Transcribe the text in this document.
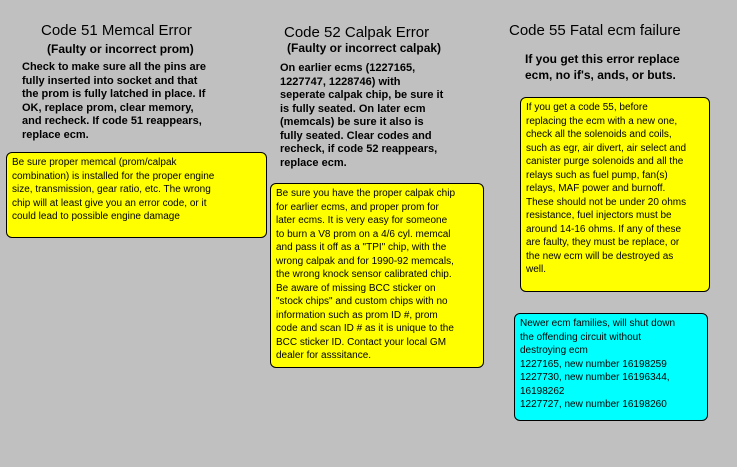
Code 51 Memcal Error
(Faulty or incorrect prom)
Check to make sure all the pins are
fully inserted into socket and that
the prom is fully latched in place. If
OK, replace prom, clear memory,
and recheck. If code 51 reappears,
replace ecm.
Be sure proper memcal (prom/calpak
combination) is installed for the proper engine
size, transmission, gear ratio, etc. The wrong
chip will at least give you an error code, or it
could lead to possible engine damage
Code 52 Calpak Error
(Faulty or incorrect calpak)
On earlier ecms (1227165,
1227747, 1228746) with
seperate calpak chip, be sure it
is fully seated. On later ecm
(memcals) be sure it also is
fully seated. Clear codes and
recheck, if code 52 reappears,
replace ecm.
Be sure you have the proper calpak chip
for earlier ecms, and proper prom for
later ecms. It is very easy for someone
to burn a V8 prom on a 4/6 cyl. memcal
and pass it off as a "TPI" chip, with the
wrong calpak and for 1990-92 memcals,
the wrong knock sensor calibrated chip.
Be aware of missing BCC sticker on
"stock chips" and custom chips with no
information such as prom ID #, prom
code and scan ID # as it is unique to the
BCC sticker ID. Contact your local GM
dealer for asssitance.
Code 55 Fatal ecm failure
If you get this error replace
ecm, no if's, ands, or buts.
If you get a code 55, before
replacing the ecm with a new one,
check all the solenoids and coils,
such as egr, air divert, air select and
canister purge solenoids and all the
relays such as fuel pump, fan(s)
relays, MAF power and burnoff.
These should not be under 20 ohms
resistance, fuel injectors must be
around 14-16 ohms. If any of these
are faulty, they must be replace, or
the new ecm will be destroyed as
well.
Newer ecm families, will shut down
the offending circuit without
destroying ecm
1227165, new number 16198259
1227730, new number 16196344,
16198262
1227727, new number 16198260
